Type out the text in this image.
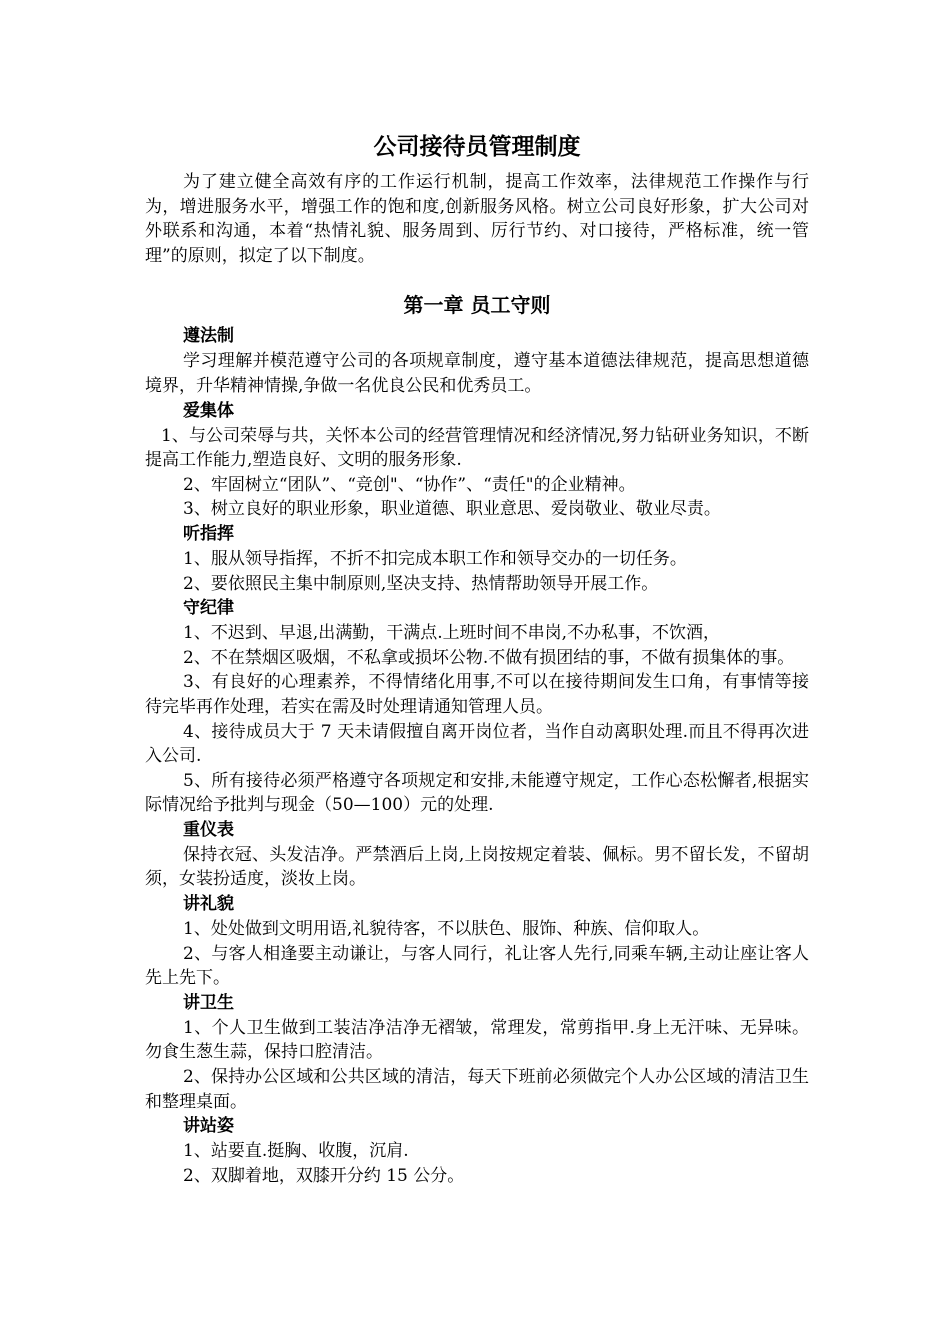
公司接待员管理制度

为了建立健全高效有序的工作运行机制，提高工作效率，法律规范工作操作与行为，增进服务水平，增强工作的饱和度,创新服务风格。树立公司良好形象，扩大公司对外联系和沟通，本着“热情礼貌、服务周到、厉行节约、对口接待，严格标准，统一管理”的原则，拟定了以下制度。

第一章 员工守则
遵法制

学习理解并模范遵守公司的各项规章制度，遵守基本道德法律规范，提高思想道德境界，升华精神情操,争做一名优良公民和优秀员工。

爱集体

1、与公司荣辱与共，关怀本公司的经营管理情况和经济情况,努力钻研业务知识，不断提高工作能力,塑造良好、文明的服务形象.

2、牢固树立“团队”、“竞创"、“协作”、“责任"的企业精神。

3、树立良好的职业形象，职业道德、职业意思、爱岗敬业、敬业尽责。

听指挥

1、服从领导指挥，不折不扣完成本职工作和领导交办的一切任务。

2、要依照民主集中制原则,坚决支持、热情帮助领导开展工作。

守纪律

1、不迟到、早退,出满勤，干满点.上班时间不串岗,不办私事，不饮酒，

2、不在禁烟区吸烟，不私拿或损坏公物.不做有损团结的事，不做有损集体的事。

3、有良好的心理素养，不得情绪化用事,不可以在接待期间发生口角，有事情等接待完毕再作处理，若实在需及时处理请通知管理人员。

4、接待成员大于 7 天未请假擅自离开岗位者，当作自动离职处理.而且不得再次进入公司.

5、所有接待必须严格遵守各项规定和安排,未能遵守规定，工作心态松懈者,根据实际情况给予批判与现金（50—100）元的处理.

重仪表

保持衣冠、头发洁净。严禁酒后上岗,上岗按规定着装、佩标。男不留长发，不留胡须，女装扮适度，淡妆上岗。

讲礼貌

1、处处做到文明用语,礼貌待客，不以肤色、服饰、种族、信仰取人。

2、与客人相逢要主动谦让，与客人同行，礼让客人先行,同乘车辆,主动让座让客人先上先下。

讲卫生

1、个人卫生做到工装洁净洁净无褶皱，常理发，常剪指甲.身上无汗味、无异味。勿食生葱生蒜，保持口腔清洁。

2、保持办公区域和公共区域的清洁，每天下班前必须做完个人办公区域的清洁卫生和整理桌面。

讲站姿

1、站要直.挺胸、收腹，沉肩.

2、双脚着地，双膝开分约 15 公分。
